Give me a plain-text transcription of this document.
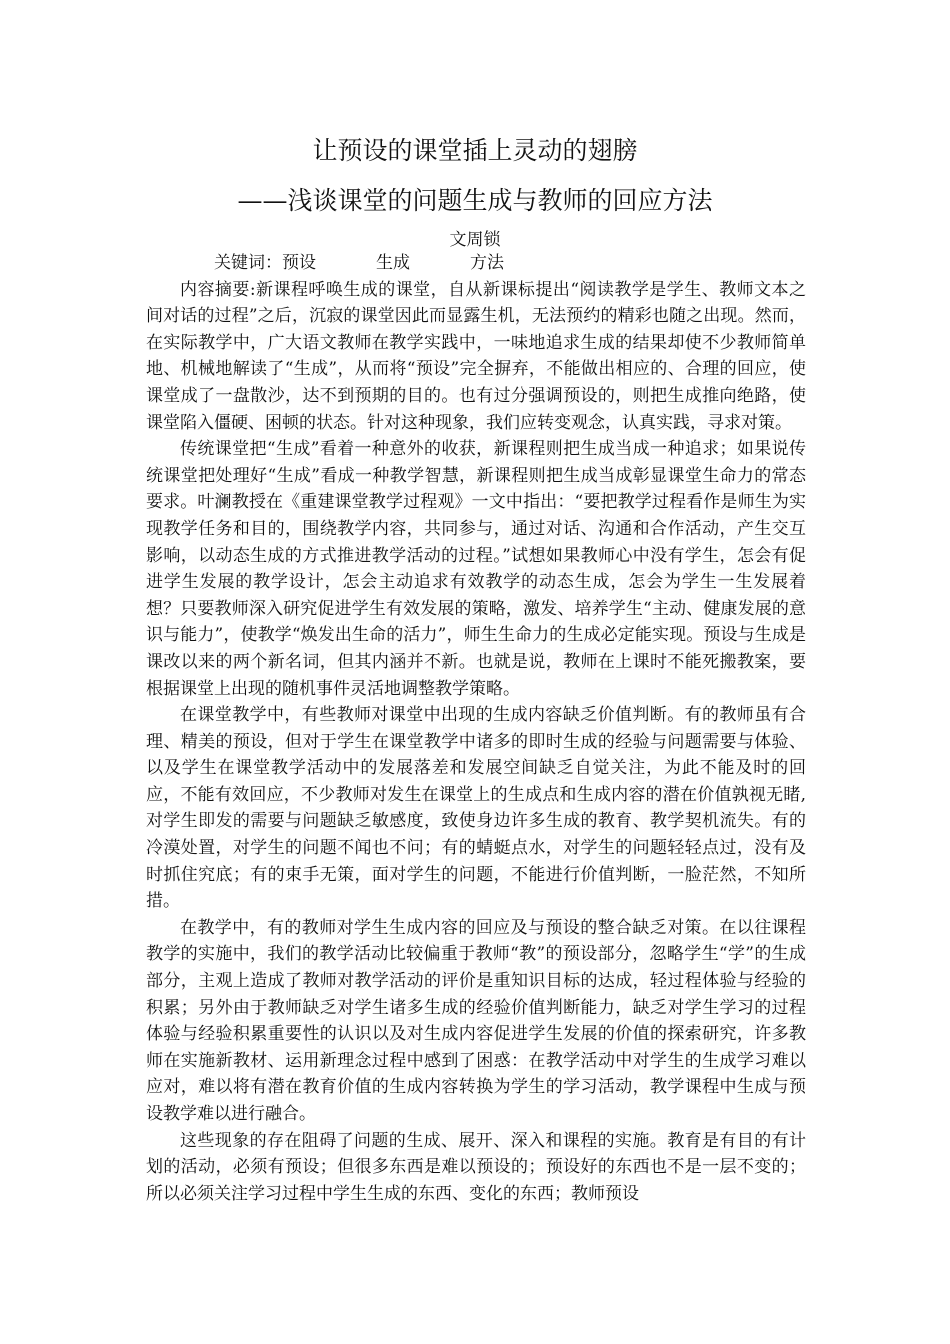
让预设的课堂插上灵动的翅膀
——浅谈课堂的问题生成与教师的回应方法
文周锁

关键词：预设	生成	方法

内容摘要:新课程呼唤生成的课堂，自从新课标提出“阅读教学是学生、教师文本之间对话的过程”之后，沉寂的课堂因此而显露生机，无法预约的精彩也随之出现。然而，在实际教学中，广大语文教师在教学实践中，一味地追求生成的结果却使不少教师简单地、机械地解读了“生成”，从而将“预设”完全摒弃，不能做出相应的、合理的回应，使课堂成了一盘散沙，达不到预期的目的。也有过分强调预设的，则把生成推向绝路，使课堂陷入僵硬、困顿的状态。针对这种现象，我们应转变观念，认真实践，寻求对策。

传统课堂把“生成”看着一种意外的收获，新课程则把生成当成一种追求；如果说传统课堂把处理好“生成”看成一种教学智慧，新课程则把生成当成彰显课堂生命力的常态要求。叶澜教授在《重建课堂教学过程观》一文中指出：“要把教学过程看作是师生为实现教学任务和目的，围绕教学内容，共同参与，通过对话、沟通和合作活动，产生交互影响，以动态生成的方式推进教学活动的过程。”试想如果教师心中没有学生，怎会有促进学生发展的教学设计，怎会主动追求有效教学的动态生成，怎会为学生一生发展着想？只要教师深入研究促进学生有效发展的策略，激发、培养学生“主动、健康发展的意识与能力”，使教学“焕发出生命的活力”，师生生命力的生成必定能实现。预设与生成是课改以来的两个新名词，但其内涵并不新。也就是说，教师在上课时不能死搬教案，要根据课堂上出现的随机事件灵活地调整教学策略。

在课堂教学中，有些教师对课堂中出现的生成内容缺乏价值判断。有的教师虽有合理、精美的预设，但对于学生在课堂教学中诸多的即时生成的经验与问题需要与体验、以及学生在课堂教学活动中的发展落差和发展空间缺乏自觉关注，为此不能及时的回应，不能有效回应，不少教师对发生在课堂上的生成点和生成内容的潜在价值孰视无睹,对学生即发的需要与问题缺乏敏感度，致使身边许多生成的教育、教学契机流失。有的冷漠处置，对学生的问题不闻也不问；有的蜻蜓点水，对学生的问题轻轻点过，没有及时抓住究底；有的束手无策，面对学生的问题，不能进行价值判断，一脸茫然，不知所措。

在教学中，有的教师对学生生成内容的回应及与预设的整合缺乏对策。在以往课程教学的实施中，我们的教学活动比较偏重于教师“教”的预设部分，忽略学生“学”的生成部分，主观上造成了教师对教学活动的评价是重知识目标的达成，轻过程体验与经验的积累；另外由于教师缺乏对学生诸多生成的经验价值判断能力，缺乏对学生学习的过程体验与经验积累重要性的认识以及对生成内容促进学生发展的价值的探索研究，许多教师在实施新教材、运用新理念过程中感到了困惑：在教学活动中对学生的生成学习难以应对，难以将有潜在教育价值的生成内容转换为学生的学习活动，教学课程中生成与预设教学难以进行融合。

这些现象的存在阻碍了问题的生成、展开、深入和课程的实施。教育是有目的有计划的活动，必须有预设；但很多东西是难以预设的；预设好的东西也不是一层不变的；所以必须关注学习过程中学生生成的东西、变化的东西；教师预设
